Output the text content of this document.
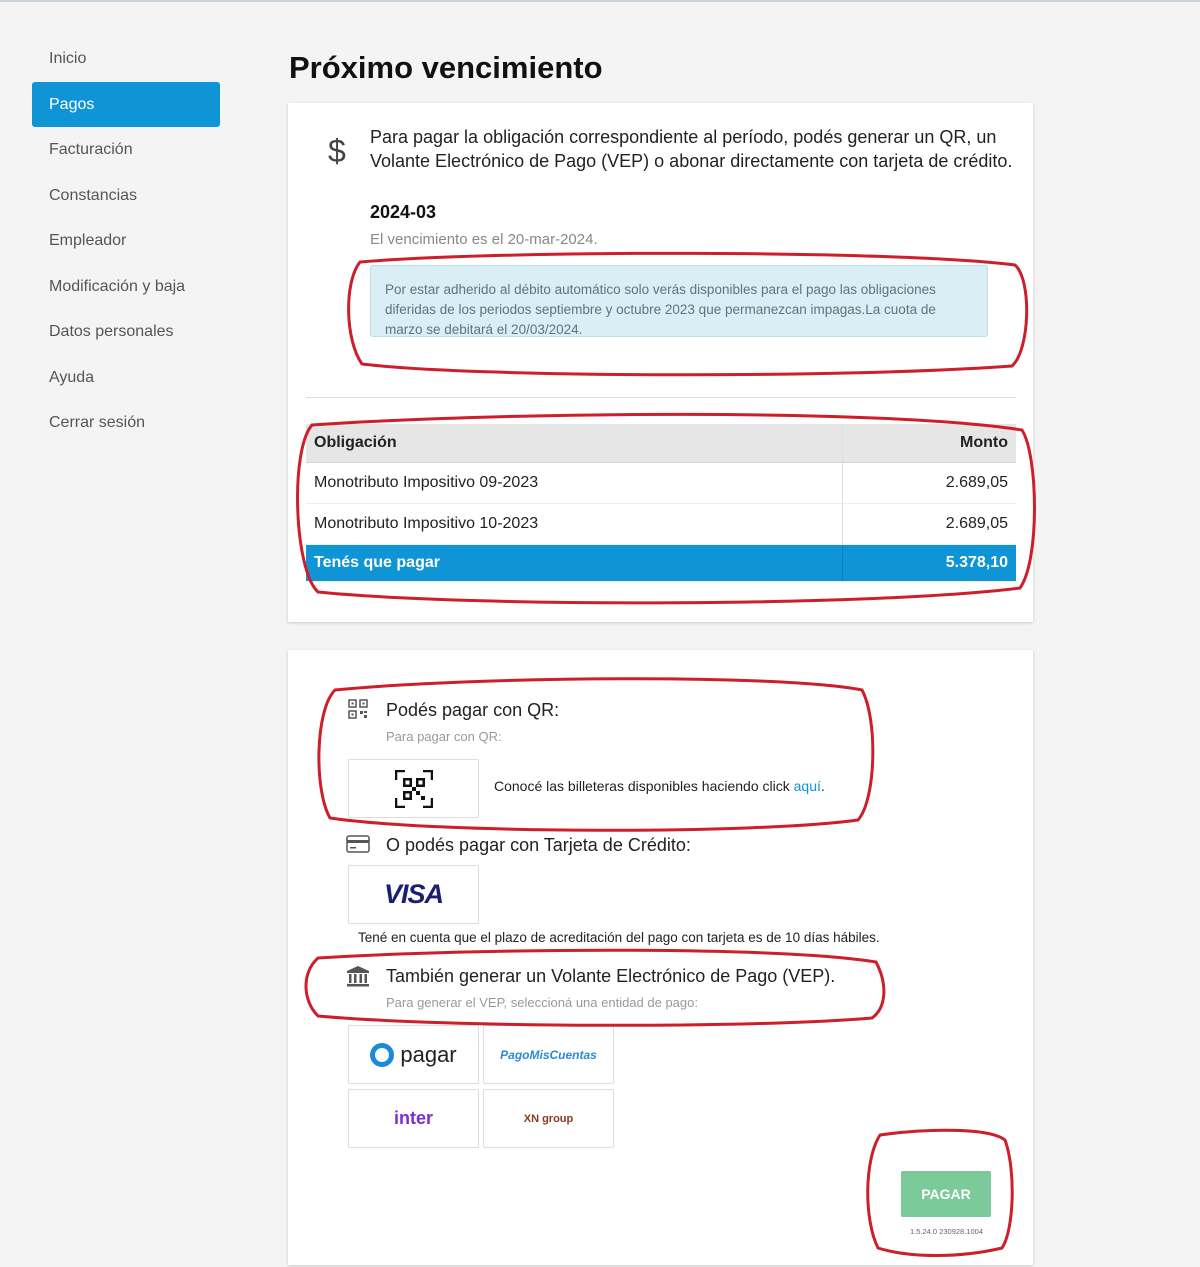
Inicio
Pagos
Facturación
Constancias
Empleador
Modificación y baja
Datos personales
Ayuda
Cerrar sesión
Próximo vencimiento
$ Para pagar la obligación correspondiente al período, podés generar un QR, un Volante Electrónico de Pago (VEP) o abonar directamente con tarjeta de crédito.
2024-03
El vencimiento es el 20-mar-2024.
Por estar adherido al débito automático solo verás disponibles para el pago las obligaciones diferidas de los periodos septiembre y octubre 2023 que permanezcan impagas.La cuota de marzo se debitará el 20/03/2024.
Obligación	Monto
Monotributo Impositivo 09-2023	2.689,05
Monotributo Impositivo 10-2023	2.689,05
Tenés que pagar	5.378,10
Podés pagar con QR:
Para pagar con QR:
Conocé las billeteras disponibles haciendo click aquí.
O podés pagar con Tarjeta de Crédito:
VISA
Tené en cuenta que el plazo de acreditación del pago con tarjeta es de 10 días hábiles.
También generar un Volante Electrónico de Pago (VEP).
Para generar el VEP, seleccioná una entidad de pago:
pagar	PagoMisCuentas
inter	XN group
PAGAR
1.5.24.0 230928.1004
